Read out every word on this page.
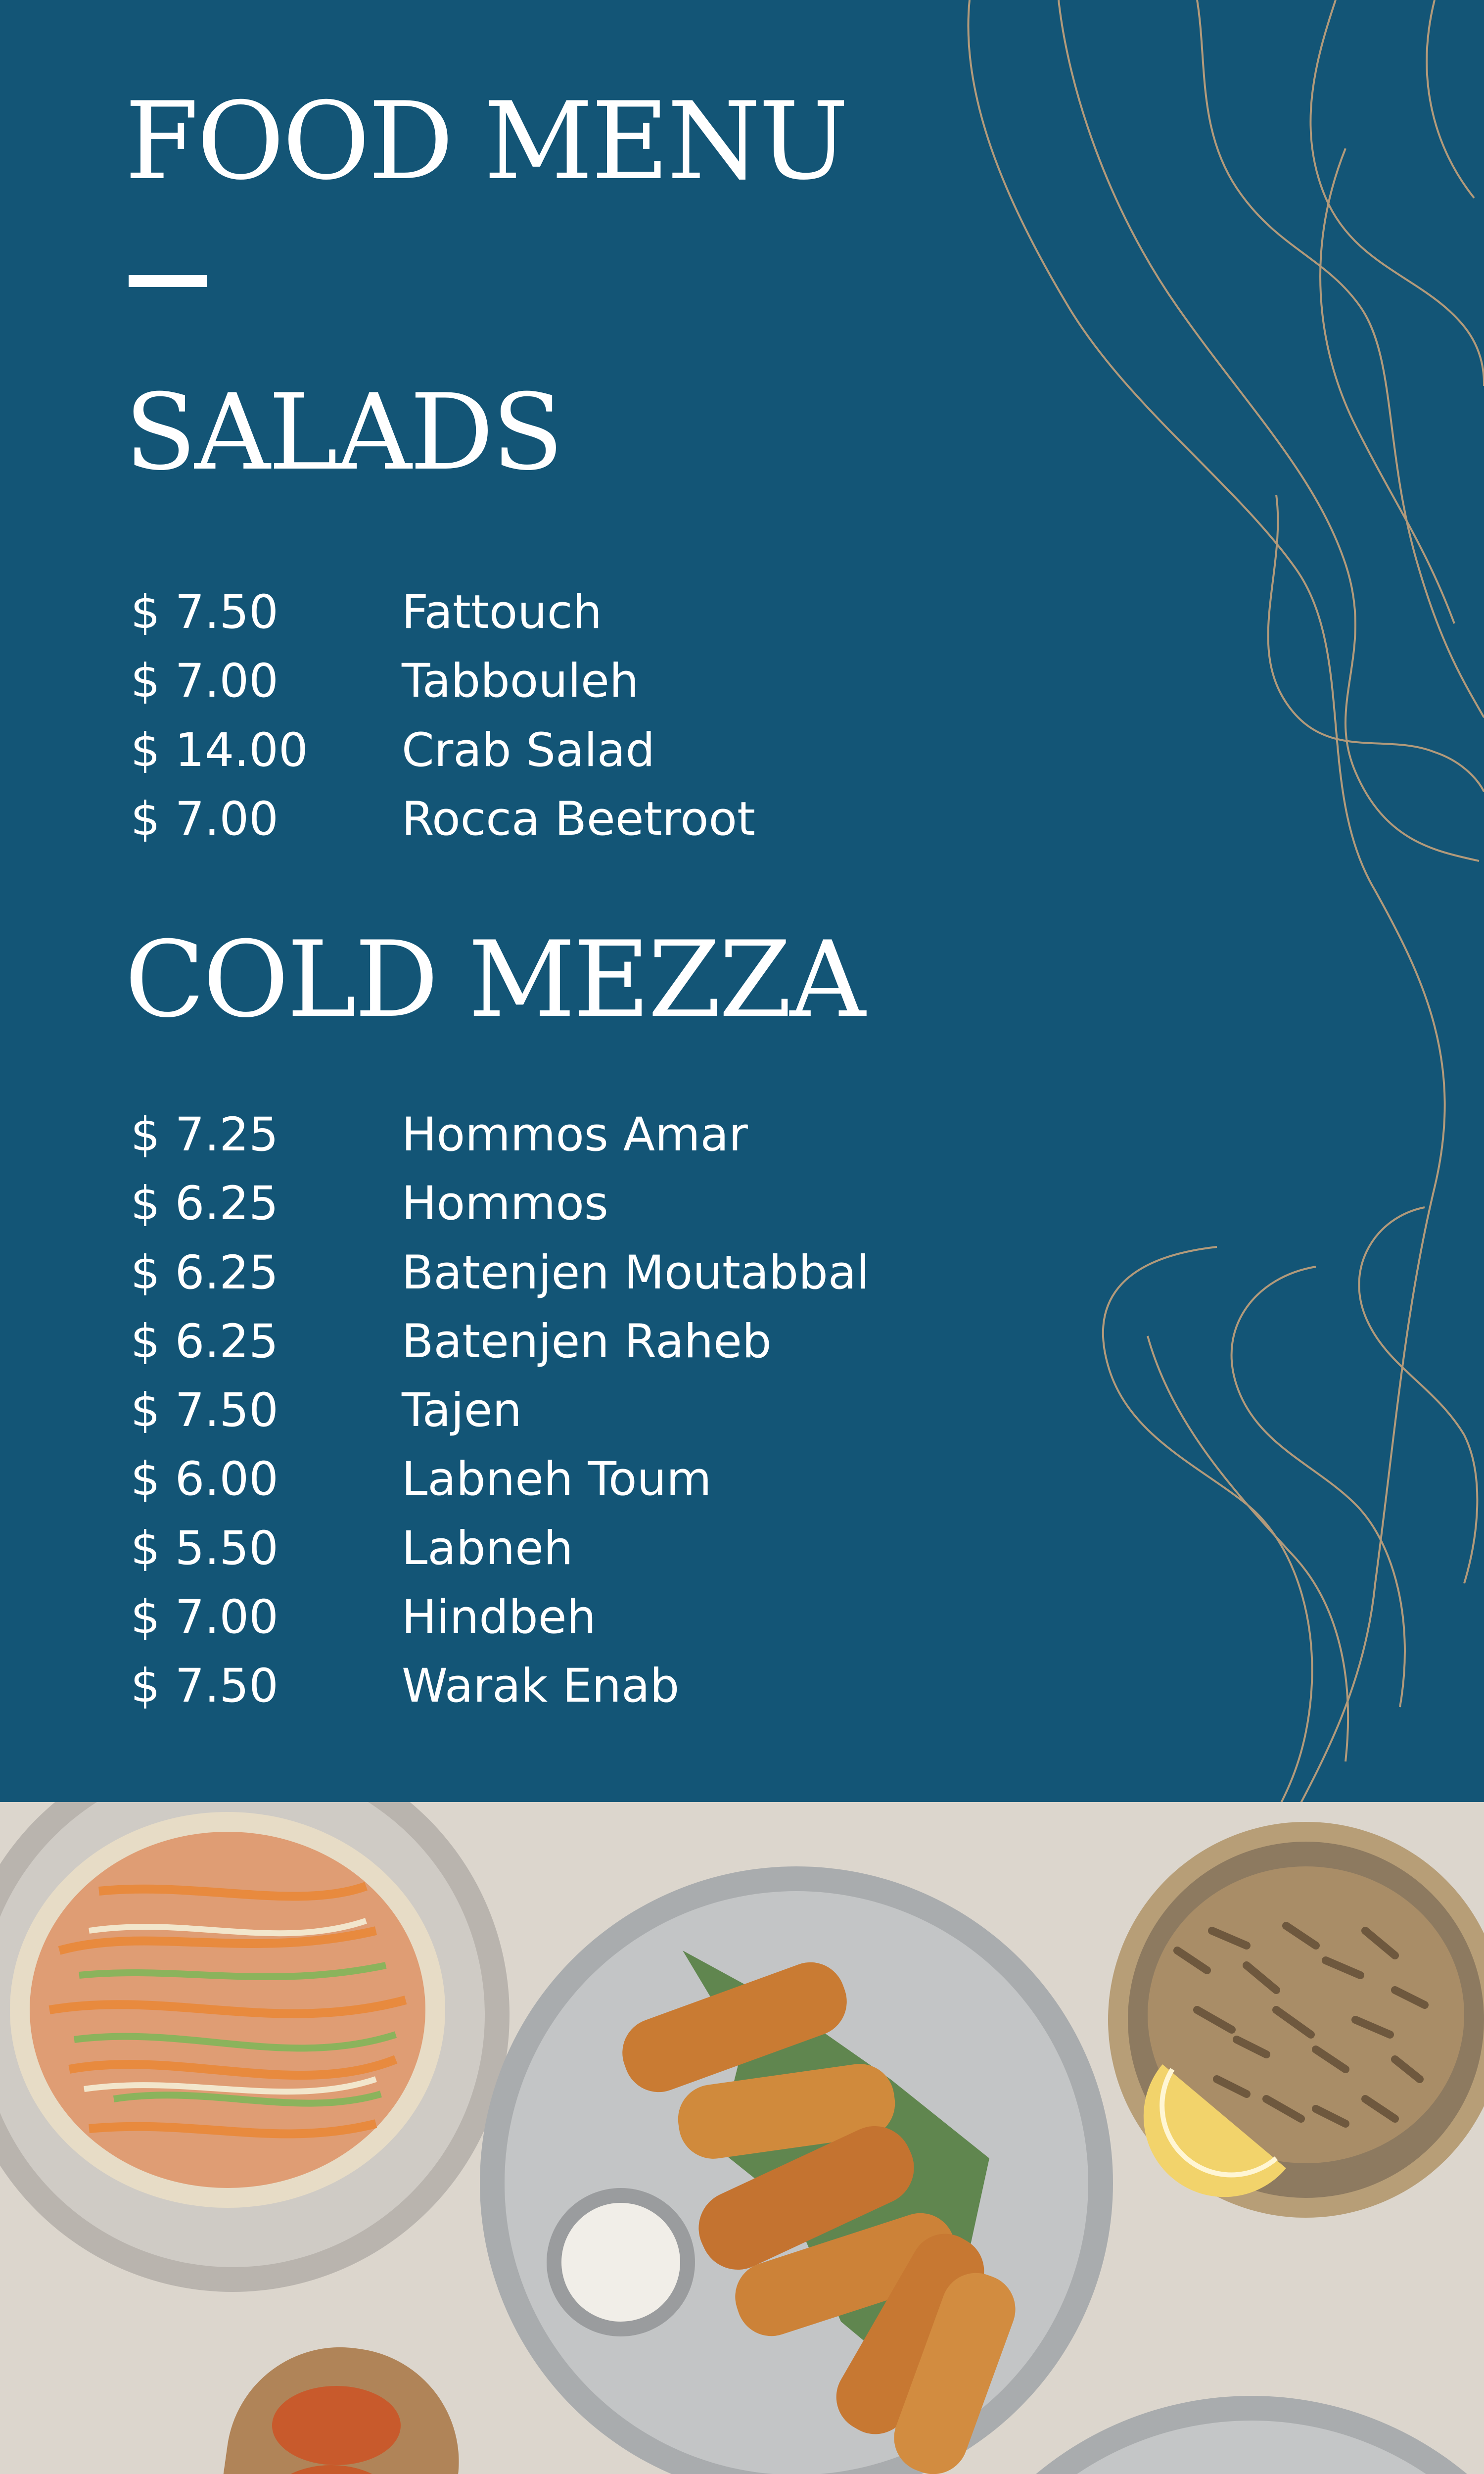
FOOD MENU
SALADS
$ 7.50	Fattouch
$ 7.00	Tabbouleh
$ 14.00 Crab Salad
$ 7.00	Rocca Beetroot
COLD MEZZA
$ 7.25	Hommos Amar
$ 6.25	Hommos
$ 6.25	Batenjen Moutabbal
$ 6.25	Batenjen Raheb
$ 7.50	Tajen
$ 6.00	Labneh Toum
$ 5.50	Labneh
$ 7.00	Hindbeh
$ 7.50	Warak Enab
